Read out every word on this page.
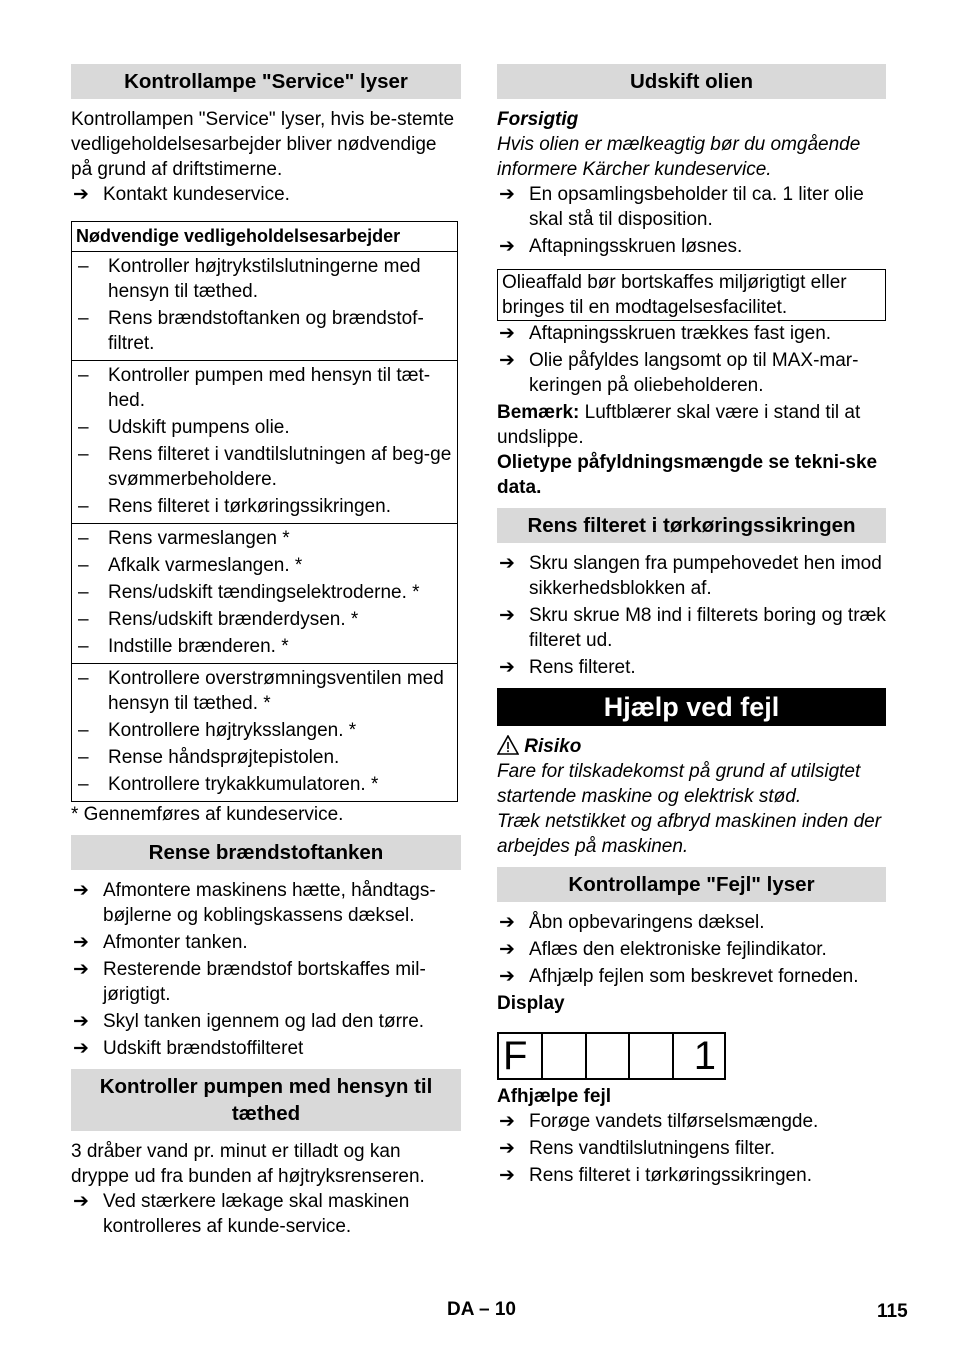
Kontrollampe "Service" lyser

Kontrollampen "Service" lyser, hvis be-stemte vedligeholdelsesarbejder bliver nødvendige på grund af driftstimerne.

➔ Kontakt kundeservice.
Nødvendige vedligeholdelsesarbejder

– Kontroller højtrykstilslutningerne med hensyn til tæthed.
– Rens brændstoftanken og brændstof-filtret.

– Kontroller pumpen med hensyn til tæt-hed.
– Udskift pumpens olie.
– Rens filteret i vandtilslutningen af beg-ge svømmerbeholdere.
– Rens filteret i tørkøringssikringen.

– Rens varmeslangen *
– Afkalk varmeslangen. *
– Rens/udskift tændingselektroderne. *
– Rens/udskift brænderdysen. *
– Indstille brænderen. *

– Kontrollere overstrømningsventilen med hensyn til tæthed. *
– Kontrollere højtryksslangen. *
– Rense håndsprøjtepistolen.
– Kontrollere trykakkumulatoren. *

* Gennemføres af kundeservice.

Rense brændstoftanken
➔ Afmontere maskinens hætte, håndtags-bøjlerne og koblingskassens dæksel.
➔ Afmonter tanken.
➔ Resterende brændstof bortskaffes mil-jørigtigt.
➔ Skyl tanken igennem og lad den tørre.
➔ Udskift brændstoffilteret
Kontroller pumpen med hensyn til tæthed

3 dråber vand pr. minut er tilladt og kan dryppe ud fra bunden af højtryksrenseren.

➔ Ved stærkere lækage skal maskinen kontrolleres af kunde-service.
Udskift olien

Forsigtig

Hvis olien er mælkeagtig bør du omgående informere Kärcher kundeservice.

➔ En opsamlingsbeholder til ca. 1 liter olie skal stå til disposition.
➔ Aftapningsskruen løsnes.
Olieaffald bør bortskaffes miljørigtigt eller bringes til en modtagelsesfacilitet.
➔ Aftapningsskruen trækkes fast igen.
➔ Olie påfyldes langsomt op til MAX-mar-keringen på oliebeholderen.

Bemærk: Luftblærer skal være i stand til at undslippe.

Olietype påfyldningsmængde se tekni-ske data.

Rens filteret i tørkøringssikringen
➔ Skru slangen fra pumpehovedet hen imod sikkerhedsblokken af.
➔ Skru skrue M8 ind i filterets boring og træk filteret ud.
➔ Rens filteret.
Hjælp ved fejl

Risiko

Fare for tilskadekomst på grund af utilsigtet startende maskine og elektrisk stød.

Træk netstikket og afbryd maskinen inden der arbejdes på maskinen.

Kontrollampe "Fejl" lyser
➔ Åbn opbevaringens dæksel.
➔ Aflæs den elektroniske fejlindikator.
➔ Afhjælp fejlen som beskrevet forneden.

Display

F	1

Afhjælpe fejl

➔ Forøge vandets tilførselsmængde.
➔ Rens vandtilslutningens filter.
➔ Rens filteret i tørkøringssikringen.
DA – 10	115
